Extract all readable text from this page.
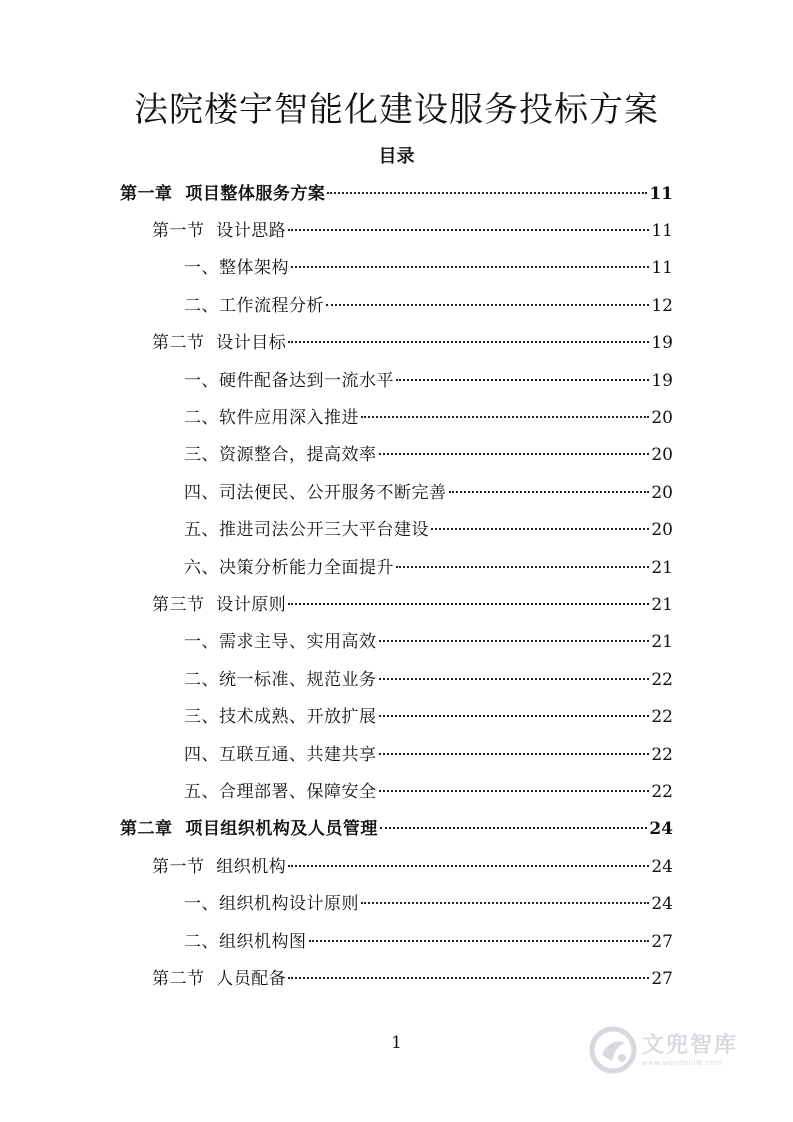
法院楼宇智能化建设服务投标方案
目录
第一章  项目整体服务方案	11
第一节  设计思路	11
一、整体架构	11
二、工作流程分析	12
第二节  设计目标	19
一、硬件配备达到一流水平	19
二、软件应用深入推进	20
三、资源整合，提高效率	20
四、司法便民、公开服务不断完善	20
五、推进司法公开三大平台建设	20
六、决策分析能力全面提升	21
第三节  设计原则	21
一、需求主导、实用高效	21
二、统一标准、规范业务	22
三、技术成熟、开放扩展	22
四、互联互通、共建共享	22
五、合理部署、保障安全	22
第二章  项目组织机构及人员管理	24
第一节  组织机构	24
一、组织机构设计原则	24
二、组织机构图	27
第二节  人员配备	27
1	文兜智库
www.wendoulib.com
